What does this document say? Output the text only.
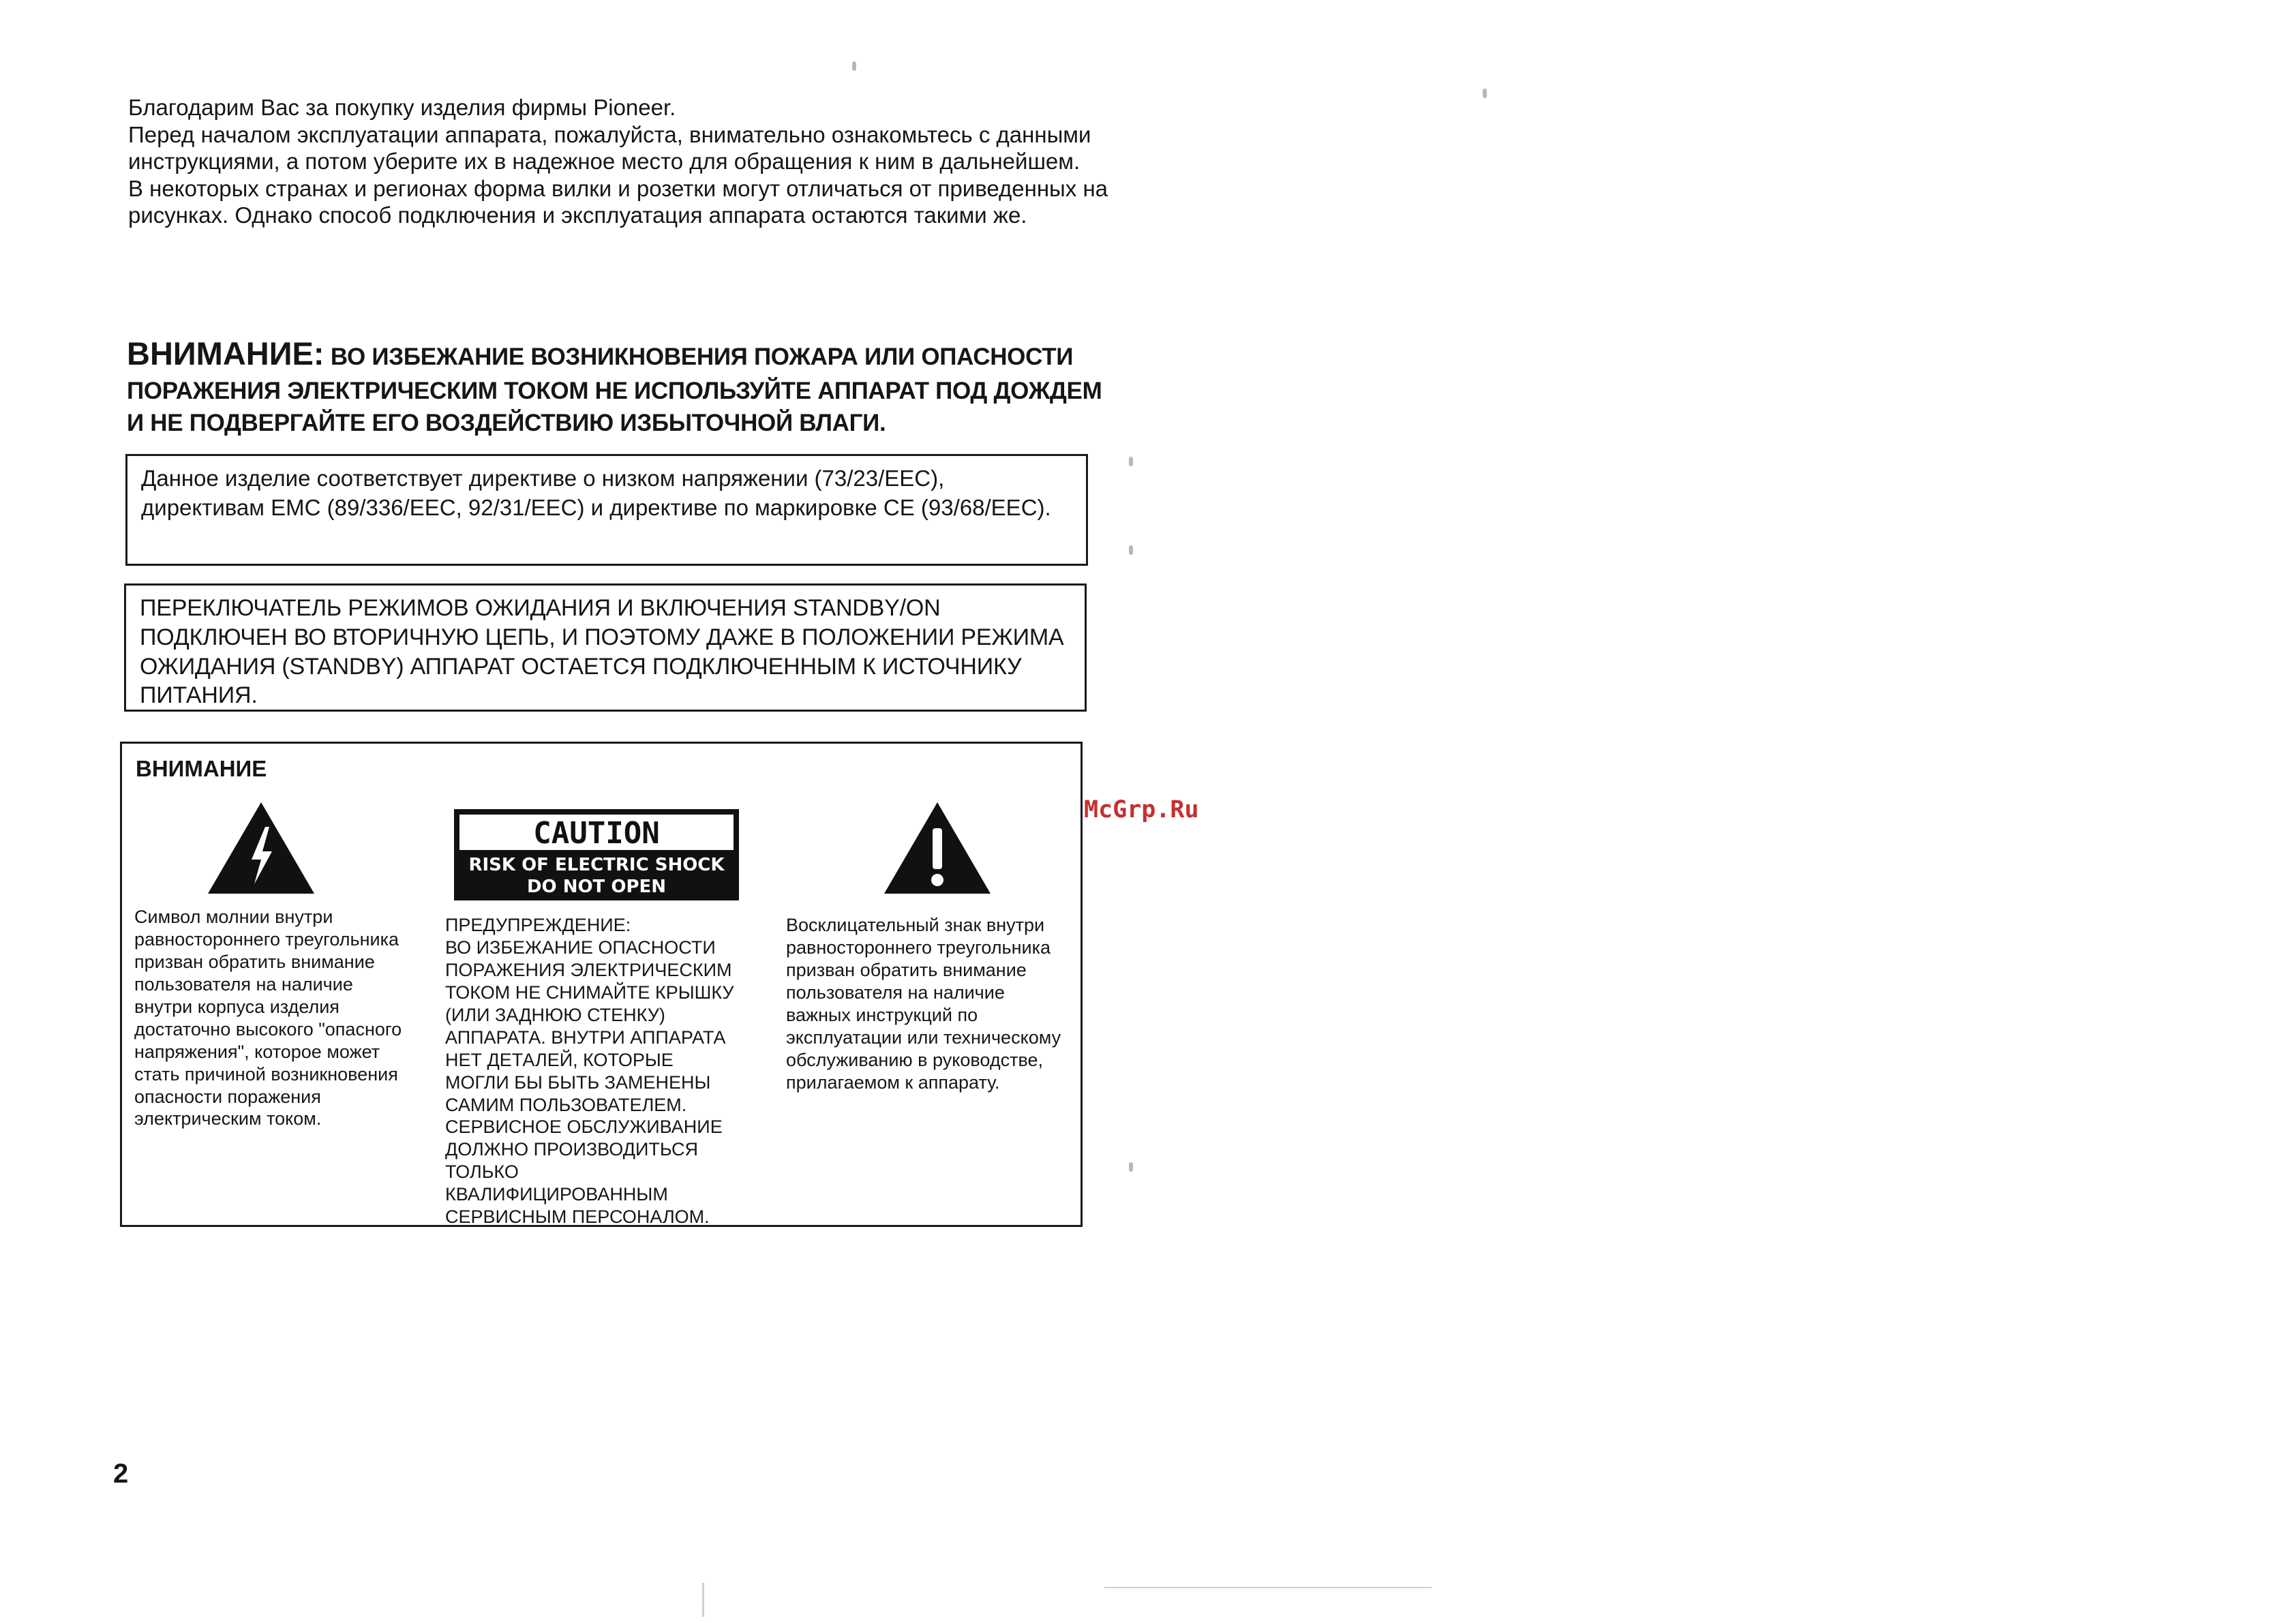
Благодарим Вас за покупку изделия фирмы Pioneer.

Перед началом эксплуатации аппарата, пожалуйста, внимательно ознакомьтесь с данными инструкциями, а потом уберите их в надежное место для обращения к ним в дальнейшем.

В некоторых странах и регионах форма вилки и розетки могут отличаться от приведенных на рисунках. Однако способ подключения и эксплуатация аппарата остаются такими же.

ВНИМАНИЕ: ВО ИЗБЕЖАНИЕ ВОЗНИКНОВЕНИЯ ПОЖАРА ИЛИ ОПАСНОСТИ ПОРАЖЕНИЯ ЭЛЕКТРИЧЕСКИМ ТОКОМ НЕ ИСПОЛЬЗУЙТЕ АППАРАТ ПОД ДОЖДЕМ И НЕ ПОДВЕРГАЙТЕ ЕГО ВОЗДЕЙСТВИЮ ИЗБЫТОЧНОЙ ВЛАГИ.
Данное изделие соответствует директиве о низком напряжении (73/23/EEC), директивам EMC (89/336/EEC, 92/31/EEC) и директиве по маркировке CE (93/68/EEC).
ПЕРЕКЛЮЧАТЕЛЬ РЕЖИМОВ ОЖИДАНИЯ И ВКЛЮЧЕНИЯ STANDBY/ON ПОДКЛЮЧЕН ВО ВТОРИЧНУЮ ЦЕПЬ, И ПОЭТОМУ ДАЖЕ В ПОЛОЖЕНИИ РЕЖИМА ОЖИДАНИЯ (STANDBY) АППАРАТ ОСТАЕТСЯ ПОДКЛЮЧЕННЫМ К ИСТОЧНИКУ ПИТАНИЯ.

ВНИМАНИЕ

CAUTION
RISK OF ELECTRIC SHOCK
DO NOT OPEN

Символ молнии внутри равностороннего треугольника призван обратить внимание пользователя на наличие внутри корпуса изделия достаточно высокого "опасного напряжения", которое может стать причиной возникновения опасности поражения электрическим током.

ПРЕДУПРЕЖДЕНИЕ:

ВО ИЗБЕЖАНИЕ ОПАСНОСТИ ПОРАЖЕНИЯ ЭЛЕКТРИЧЕСКИМ ТОКОМ НЕ СНИМАЙТЕ КРЫШКУ (ИЛИ ЗАДНЮЮ СТЕНКУ) АППАРАТА. ВНУТРИ АППАРАТА НЕТ ДЕТАЛЕЙ, КОТОРЫЕ МОГЛИ БЫ БЫТЬ ЗАМЕНЕНЫ САМИМ ПОЛЬЗОВАТЕЛЕМ. СЕРВИСНОЕ ОБСЛУЖИВАНИЕ ДОЛЖНО ПРОИЗВОДИТЬСЯ ТОЛЬКО КВАЛИФИЦИРОВАННЫМ СЕРВИСНЫМ ПЕРСОНАЛОМ.

Восклицательный знак внутри равностороннего треугольника призван обратить внимание пользователя на наличие важных инструкций по эксплуатации или техническому обслуживанию в руководстве, прилагаемом к аппарату.

McGrp.Ru
2
